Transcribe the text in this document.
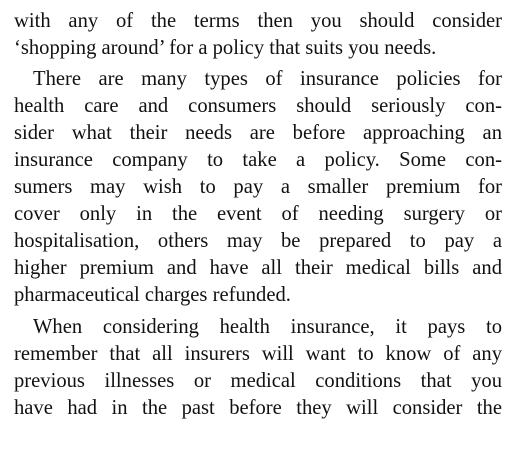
with any of the terms then you should consider
‘shopping around’ for a policy that suits you needs.

There are many types of insurance policies for
health care and consumers should seriously con-
sider what their needs are before approaching an
insurance company to take a policy. Some con-
sumers may wish to pay a smaller premium for
cover only in the event of needing surgery or
hospitalisation, others may be prepared to pay a
higher premium and have all their medical bills and
pharmaceutical charges refunded.

When considering health insurance, it pays to
remember that all insurers will want to know of any
previous illnesses or medical conditions that you
have had in the past before they will consider the
